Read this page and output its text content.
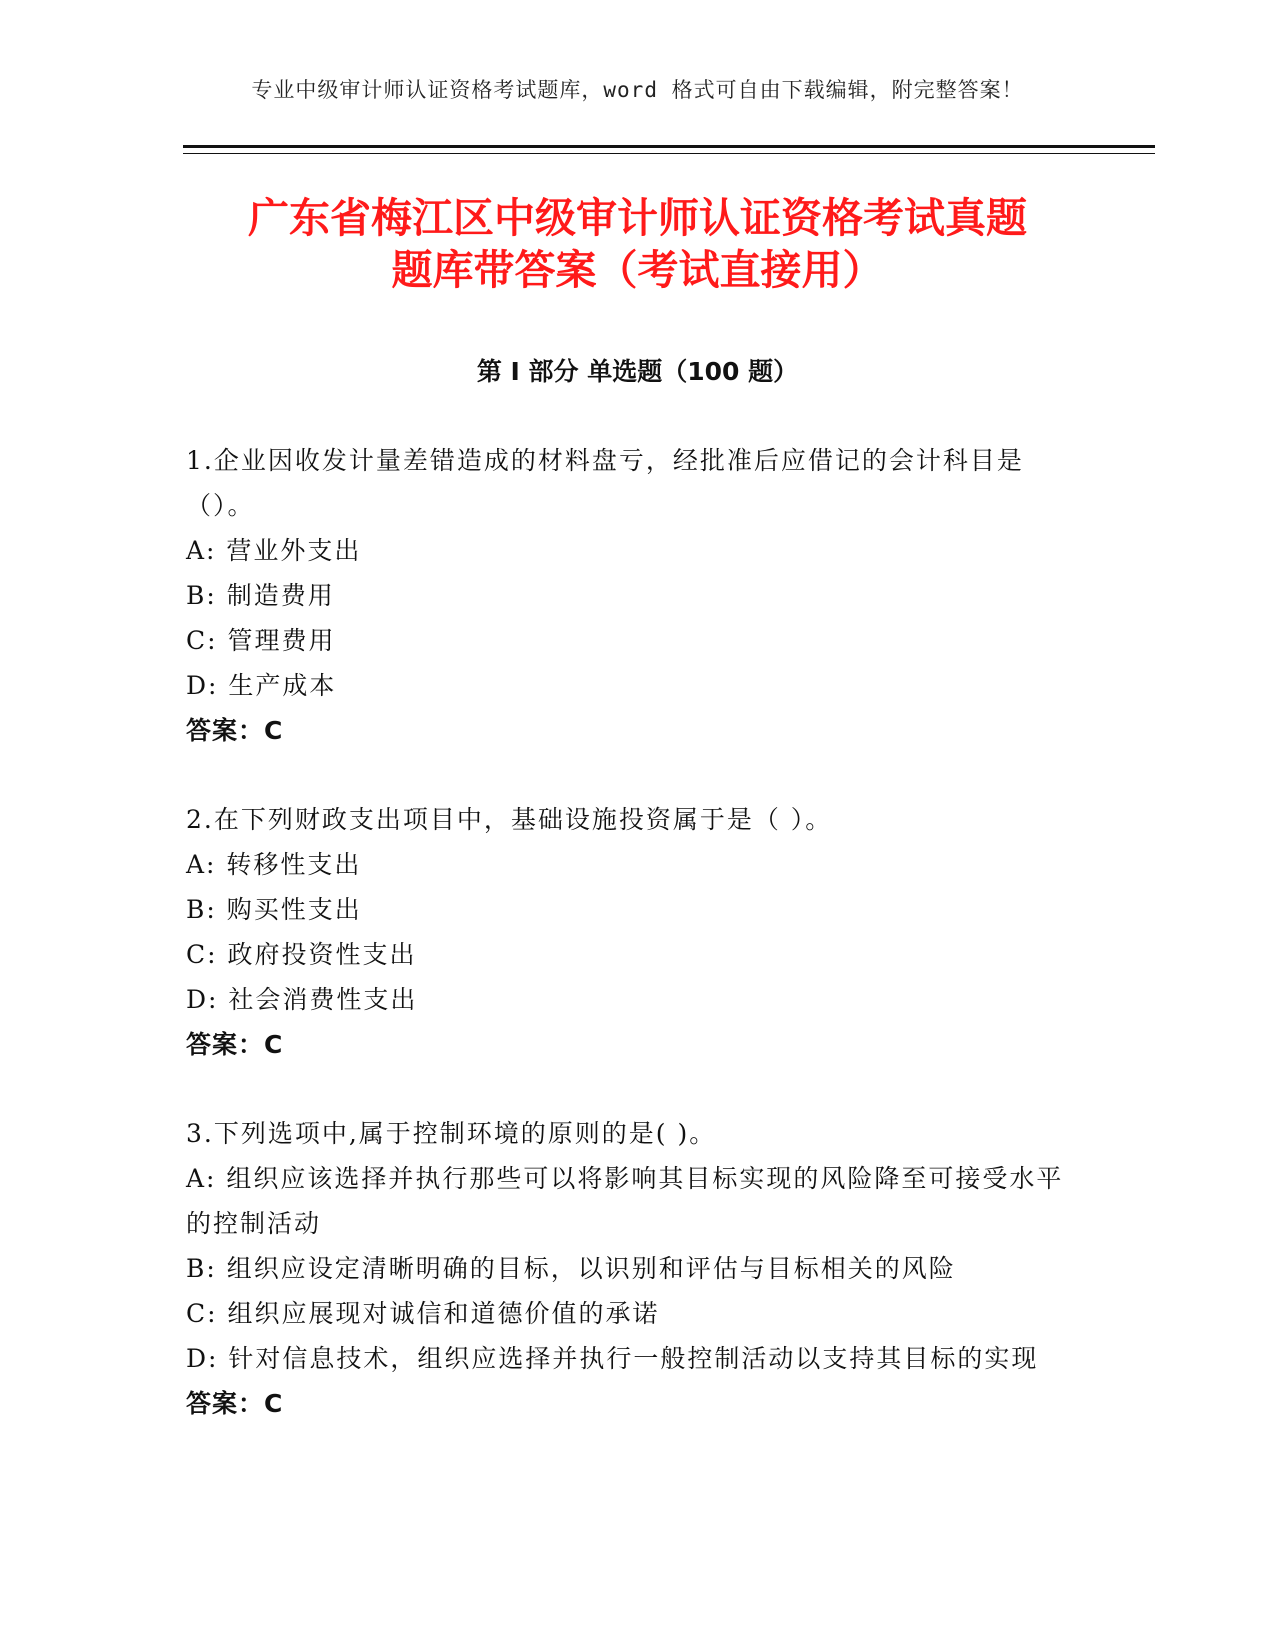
专业中级审计师认证资格考试题库，word 格式可自由下载编辑，附完整答案！
广东省梅江区中级审计师认证资格考试真题
题库带答案（考试直接用）
第 I 部分 单选题（100 题）
1.企业因收发计量差错造成的材料盘亏，经批准后应借记的会计科目是（）。
A: 营业外支出
B: 制造费用
C: 管理费用
D: 生产成本
答案：C
2.在下列财政支出项目中，基础设施投资属于是（ ）。
A: 转移性支出
B: 购买性支出
C: 政府投资性支出
D: 社会消费性支出
答案：C
3.下列选项中,属于控制环境的原则的是( )。
A: 组织应该选择并执行那些可以将影响其目标实现的风险降至可接受水平的控制活动
B: 组织应设定清晰明确的目标，以识别和评估与目标相关的风险
C: 组织应展现对诚信和道德价值的承诺
D: 针对信息技术，组织应选择并执行一般控制活动以支持其目标的实现
答案：C
